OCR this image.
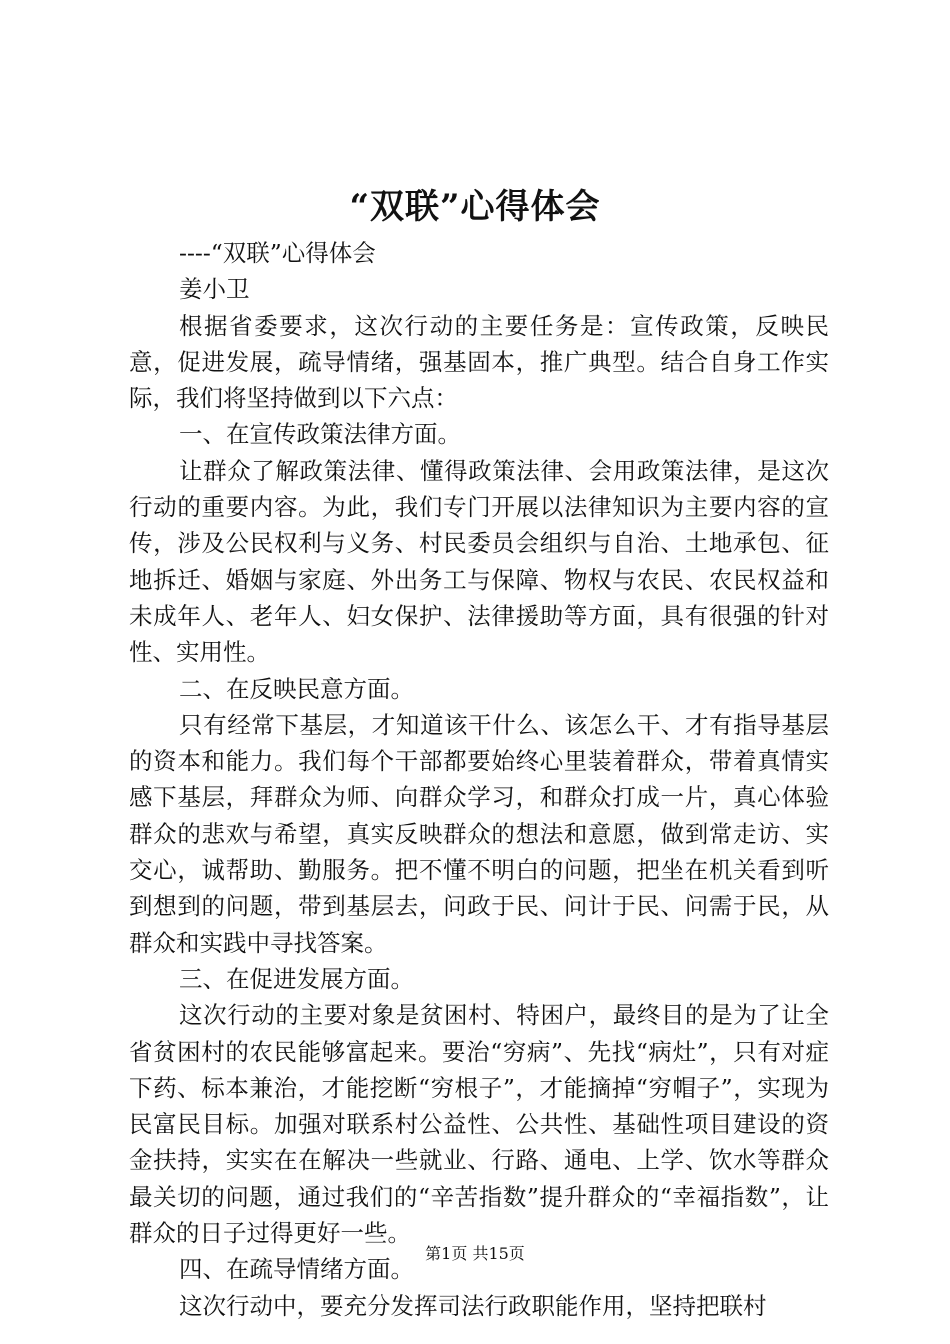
“双联”心得体会

----“双联”心得体会

姜小卫

根据省委要求，这次行动的主要任务是：宣传政策，反映民意，促进发展，疏导情绪，强基固本，推广典型。结合自身工作实际，我们将坚持做到以下六点：

一、在宣传政策法律方面。

让群众了解政策法律、懂得政策法律、会用政策法律，是这次行动的重要内容。为此，我们专门开展以法律知识为主要内容的宣传，涉及公民权利与义务、村民委员会组织与自治、土地承包、征地拆迁、婚姻与家庭、外出务工与保障、物权与农民、农民权益和未成年人、老年人、妇女保护、法律援助等方面，具有很强的针对性、实用性。

二、在反映民意方面。

只有经常下基层，才知道该干什么、该怎么干、才有指导基层的资本和能力。我们每个干部都要始终心里装着群众，带着真情实感下基层，拜群众为师、向群众学习，和群众打成一片，真心体验群众的悲欢与希望，真实反映群众的想法和意愿，做到常走访、实交心，诚帮助、勤服务。把不懂不明白的问题，把坐在机关看到听到想到的问题，带到基层去，问政于民、问计于民、问需于民，从群众和实践中寻找答案。

三、在促进发展方面。

这次行动的主要对象是贫困村、特困户，最终目的是为了让全省贫困村的农民能够富起来。要治“穷病”、先找“病灶”，只有对症下药、标本兼治，才能挖断“穷根子”，才能摘掉“穷帽子”，实现为民富民目标。加强对联系村公益性、公共性、基础性项目建设的资金扶持，实实在在解决一些就业、行路、通电、上学、饮水等群众最关切的问题，通过我们的“辛苦指数”提升群众的“幸福指数”，让群众的日子过得更好一些。

四、在疏导情绪方面。

这次行动中，要充分发挥司法行政职能作用，坚持把联村

第1页 共15页
